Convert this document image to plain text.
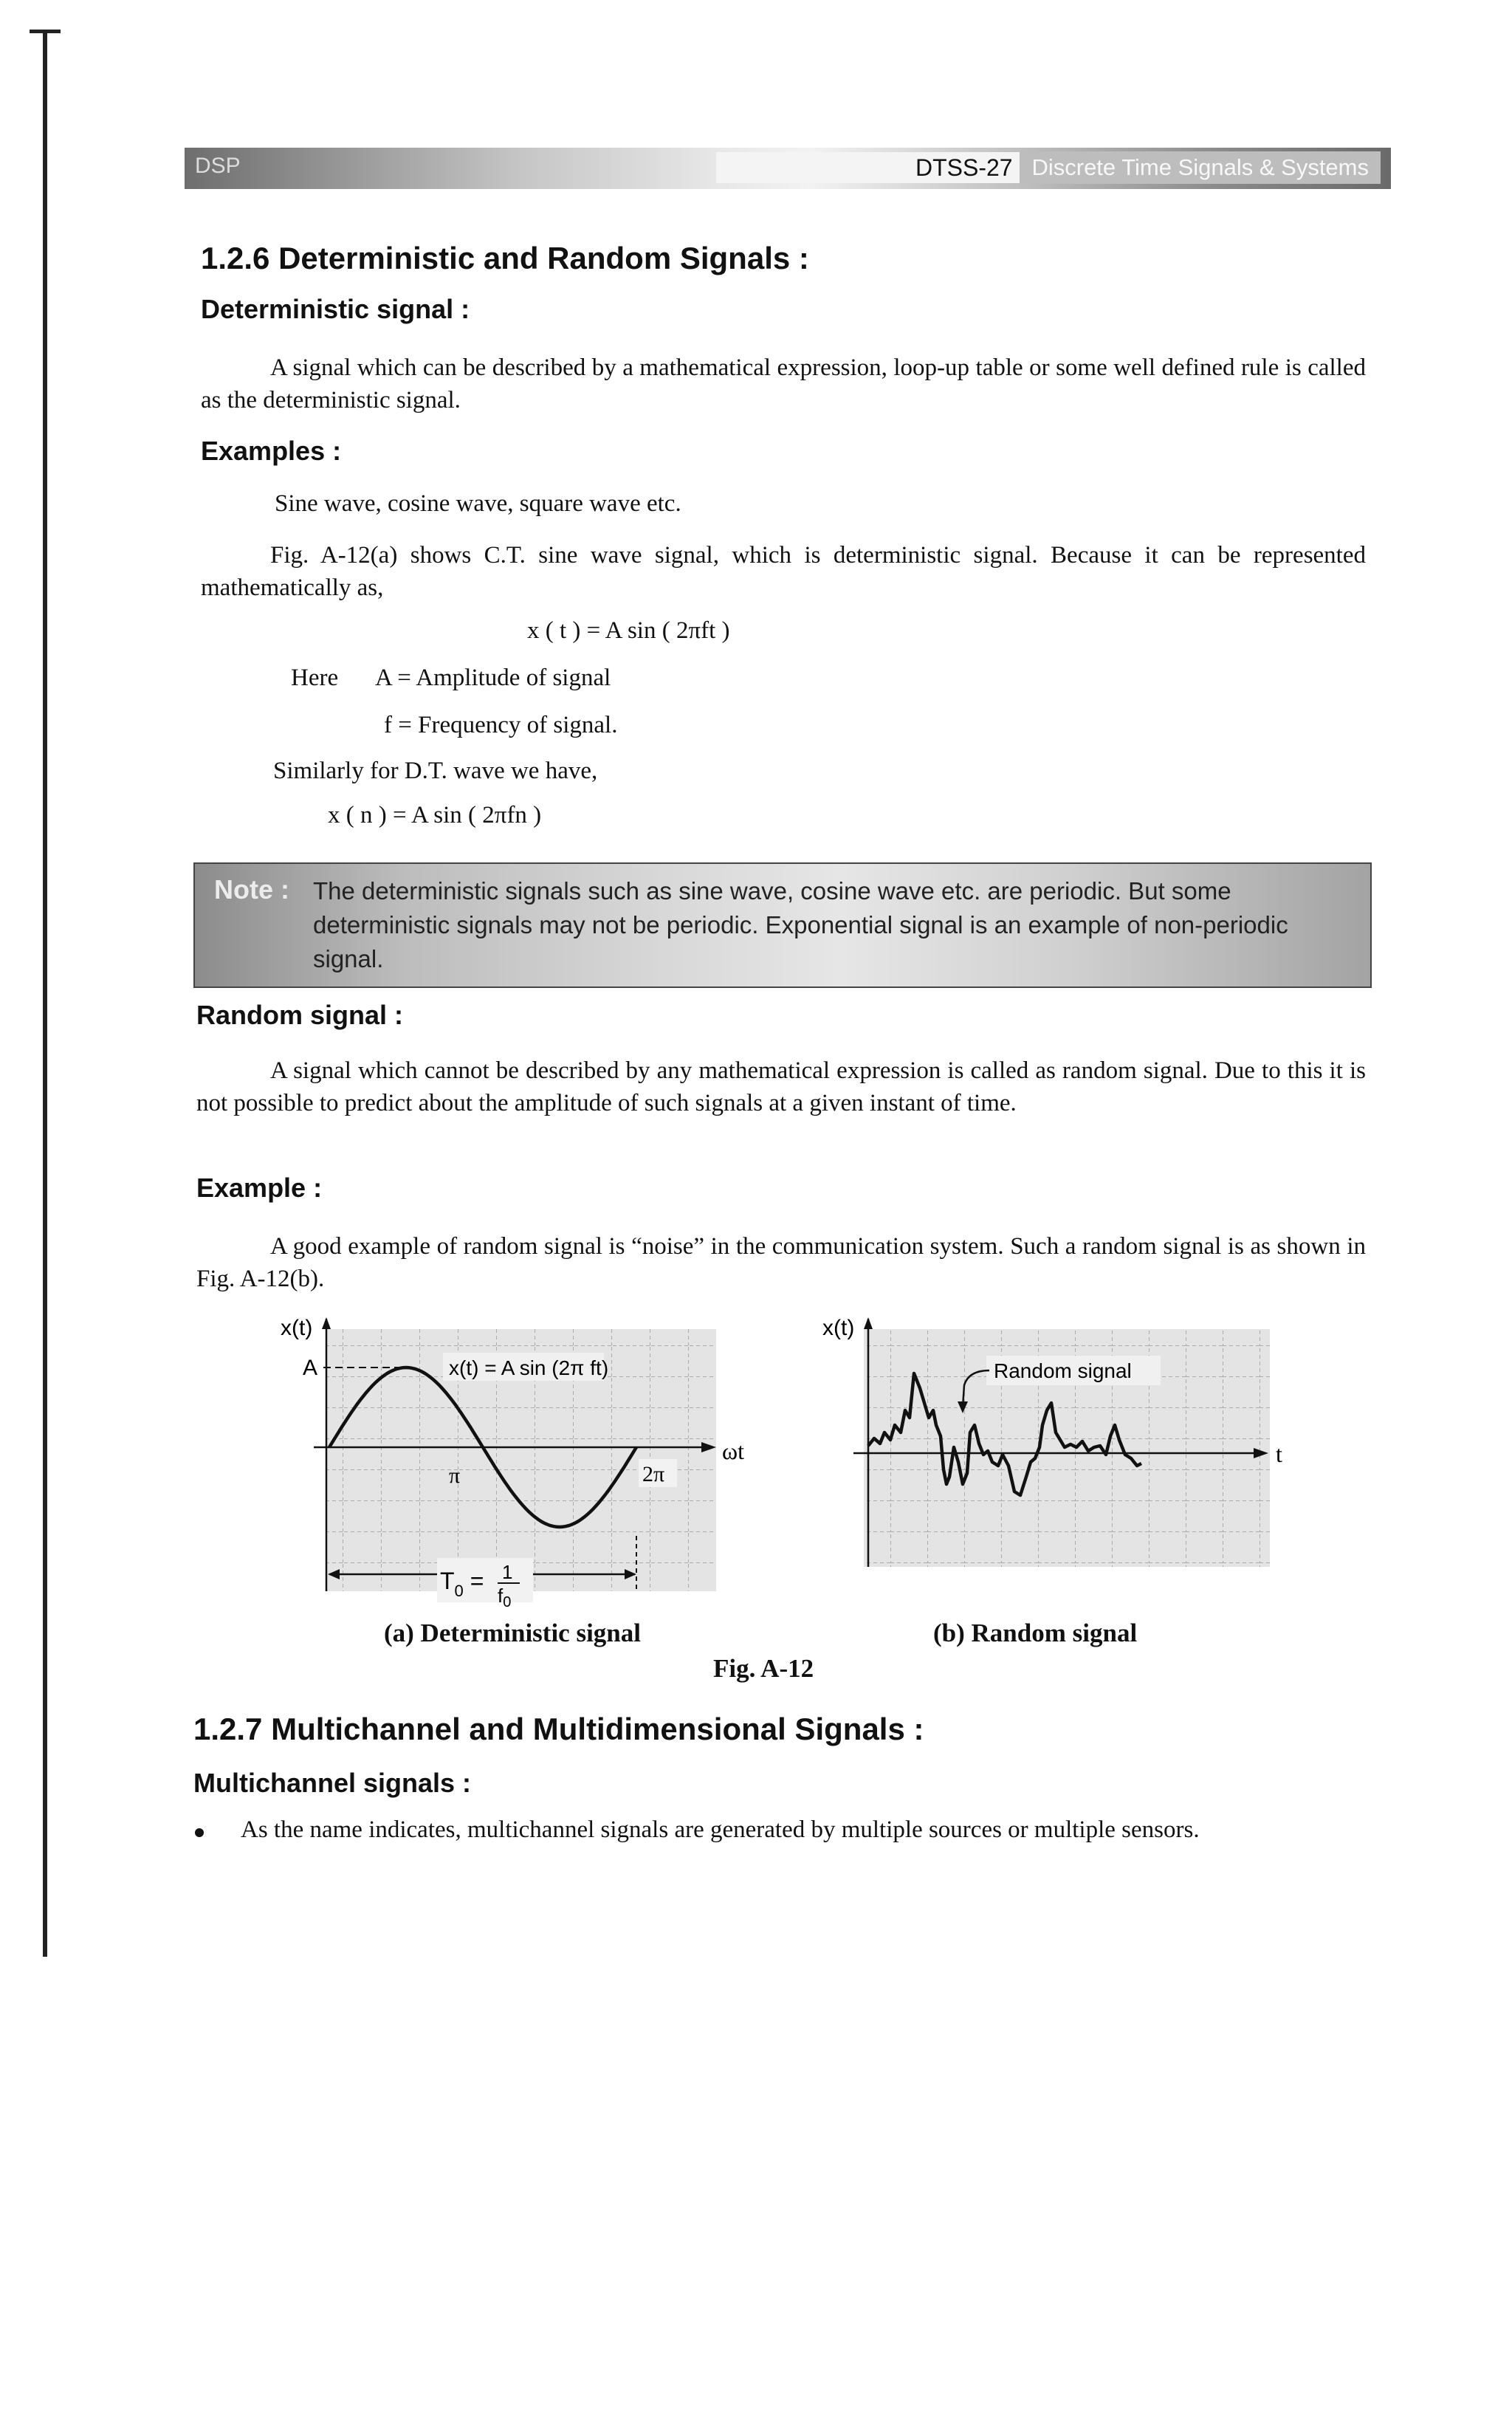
DSP	DTSS-27 Discrete Time Signals & Systems
1.2.6 Deterministic and Random Signals :
Deterministic signal :
A signal which can be described by a mathematical expression, loop-up table or some well defined rule is called as the deterministic signal.
Examples :
Sine wave, cosine wave, square wave etc.
Fig. A-12(a) shows C.T. sine wave signal, which is deterministic signal. Because it can be represented mathematically as,
x ( t ) = A sin ( 2πft )
Here A = Amplitude of signal
f = Frequency of signal.
Similarly for D.T. wave we have,
x ( n ) = A sin ( 2πfn )
Note : The deterministic signals such as sine wave, cosine wave etc. are periodic. But some deterministic signals may not be periodic. Exponential signal is an example of non-periodic signal.
Random signal :
A signal which cannot be described by any mathematical expression is called as random signal. Due to this it is not possible to predict about the amplitude of such signals at a given instant of time.
Example :
A good example of random signal is “noise” in the communication system. Such a random signal is as shown in Fig. A-12(b).
x(t)
A	x(t) = A sin (2π ft)
π	2π
ωt
$T_0 = 1$
$f_0$
x(t)
Random signal
t
(a) Deterministic signal	(b) Random signal
Fig. A-12
1.2.7 Multichannel and Multidimensional Signals :
Multichannel signals :
As the name indicates, multichannel signals are generated by multiple sources or multiple sensors.
